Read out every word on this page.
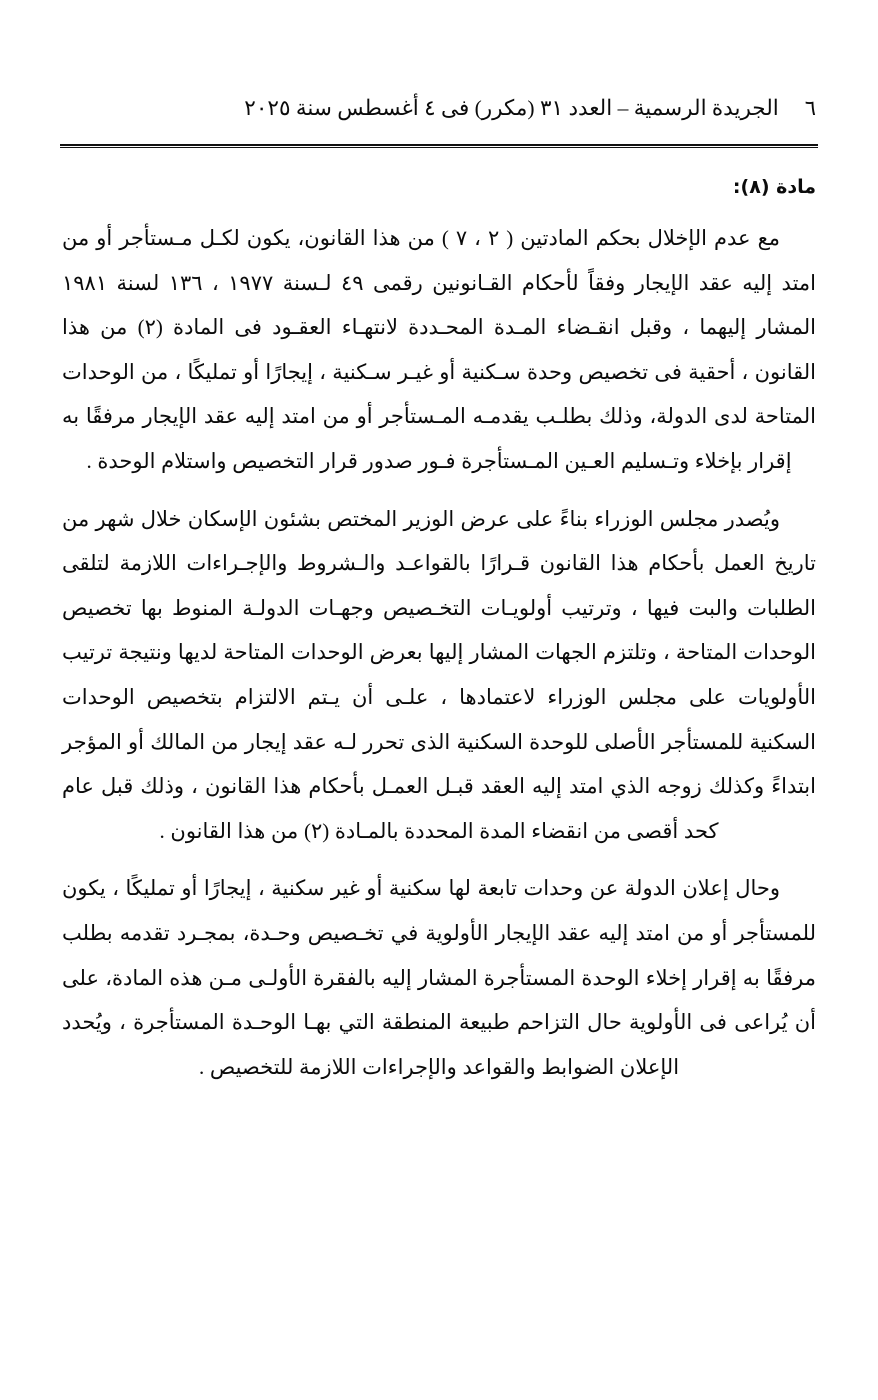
٦
الجريدة الرسمية – العدد ٣١ (مكرر) فى ٤ أغسطس سنة ٢٠٢٥
مادة (٨):

مع عدم الإخلال بحكم المادتين ( ٢ ، ٧ ) من هذا القانون، يكون لكـل مـستأجر أو من امتد إليه عقد الإيجار وفقاً لأحكام القـانونين رقمى ٤٩ لـسنة ١٩٧٧ ، ١٣٦ لسنة ١٩٨١ المشار إليهما ، وقبل انقـضاء المـدة المحـددة لانتهـاء العقـود فى المادة (٢) من هذا القانون ، أحقية فى تخصيص وحدة سـكنية أو غيـر سـكنية ، إيجارًا أو تمليكًا ، من الوحدات المتاحة لدى الدولة، وذلك بطلـب يقدمـه المـستأجر أو من امتد إليه عقد الإيجار مرفقًا به إقرار بإخلاء وتـسليم العـين المـستأجرة فـور صدور قرار التخصيص واستلام الوحدة .

ويُصدر مجلس الوزراء بناءً على عرض الوزير المختص بشئون الإسكان خلال شهر من تاريخ العمل بأحكام هذا القانون قـرارًا بالقواعـد والـشروط والإجـراءات اللازمة لتلقى الطلبات والبت فيها ، وترتيب أولويـات التخـصيص وجهـات الدولـة المنوط بها تخصيص الوحدات المتاحة ، وتلتزم الجهات المشار إليها بعرض الوحدات المتاحة لديها ونتيجة ترتيب الأولويات على مجلس الوزراء لاعتمادها ، علـى أن يـتم الالتزام بتخصيص الوحدات السكنية للمستأجر الأصلى للوحدة السكنية الذى تحرر لـه عقد إيجار من المالك أو المؤجر ابتداءً وكذلك زوجه الذي امتد إليه العقد قبـل العمـل بأحكام هذا القانون ، وذلك قبل عام كحد أقصى من انقضاء المدة المحددة بالمـادة (٢) من هذا القانون .

وحال إعلان الدولة عن وحدات تابعة لها سكنية أو غير سكنية ، إيجارًا أو تمليكًا ، يكون للمستأجر أو من امتد إليه عقد الإيجار الأولوية في تخـصيص وحـدة، بمجـرد تقدمه بطلب مرفقًا به إقرار إخلاء الوحدة المستأجرة المشار إليه بالفقرة الأولـى مـن هذه المادة، على أن يُراعى فى الأولوية حال التزاحم طبيعة المنطقة التي بهـا الوحـدة المستأجرة ، ويُحدد الإعلان الضوابط والقواعد والإجراءات اللازمة للتخصيص .
